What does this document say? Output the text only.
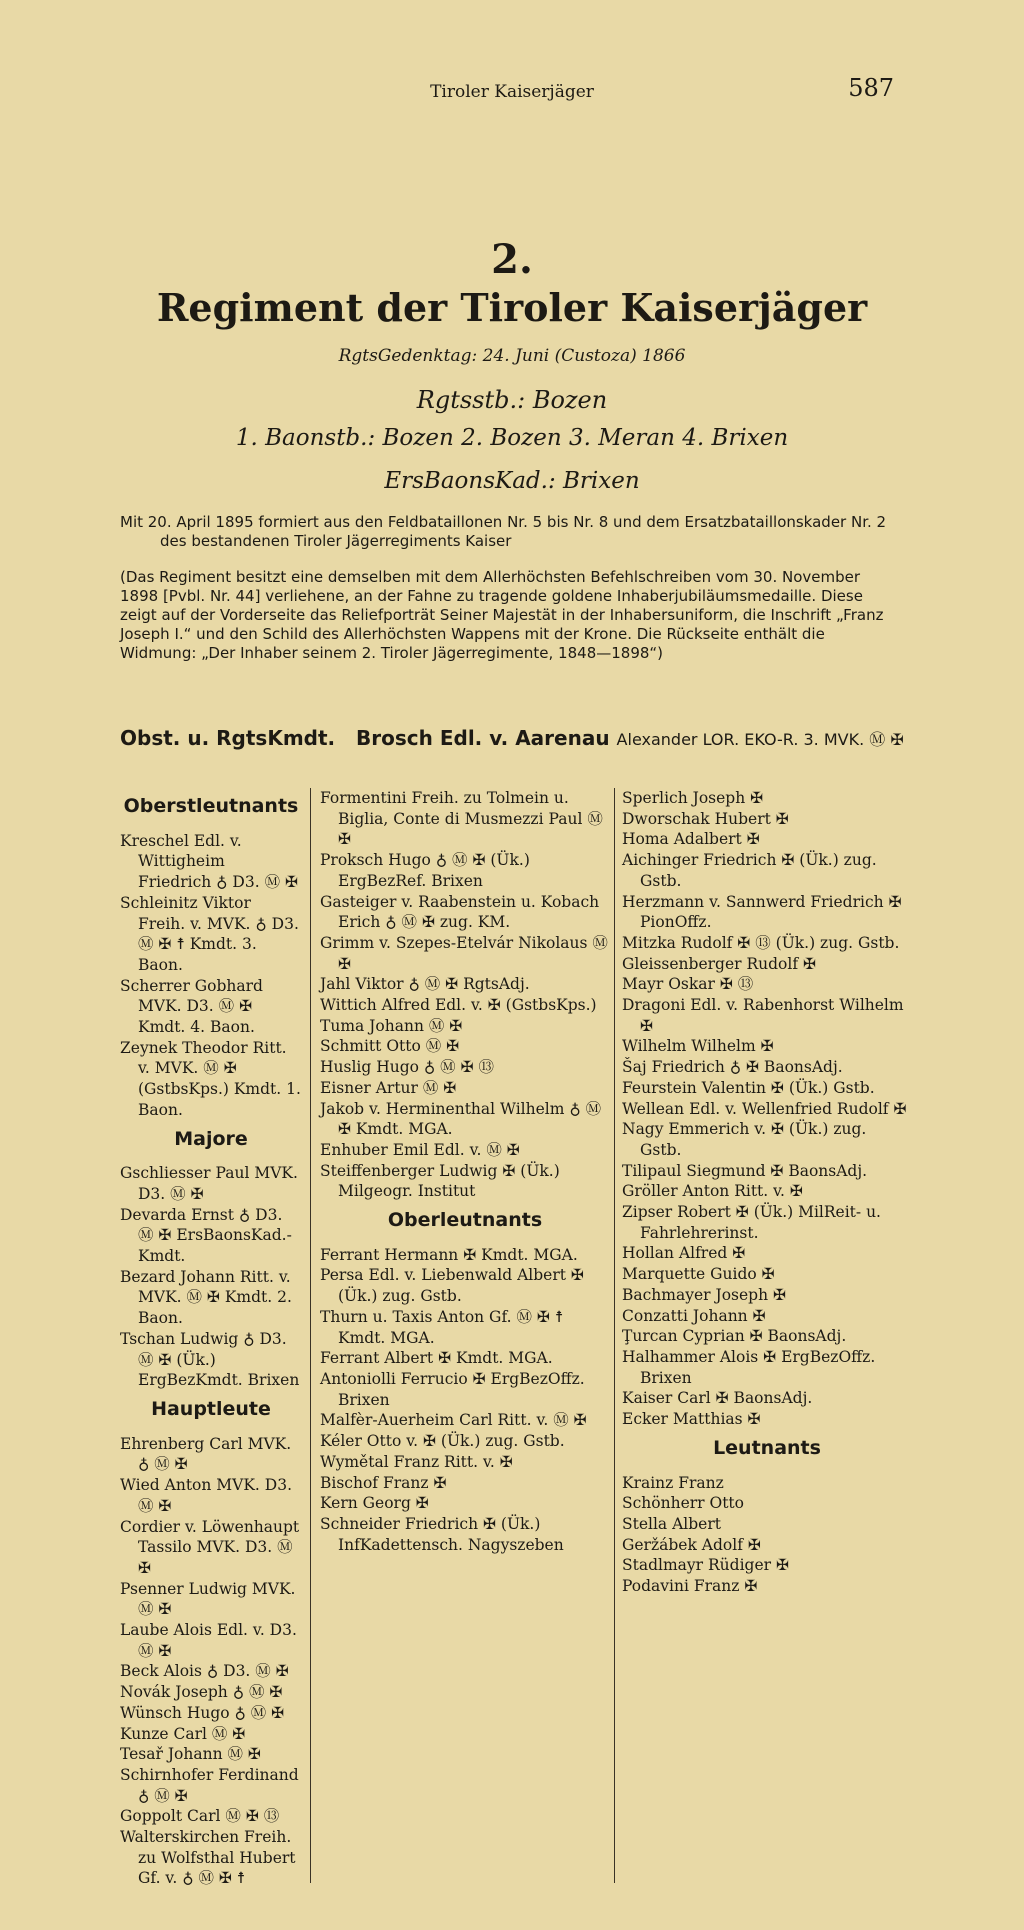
Tiroler Kaiserjäger	587
2.
Regiment der Tiroler Kaiserjäger
RgtsGedenktag: 24. Juni (Custoza) 1866
Rgtsstb.: Bozen
1. Baonstb.: Bozen 2. Bozen 3. Meran 4. Brixen
ErsBaonsKad.: Brixen

Mit 20. April 1895 formiert aus den Feldbataillonen Nr. 5 bis Nr. 8 und dem Ersatzbataillonskader Nr. 2 des bestandenen Tiroler Jägerregiments Kaiser

(Das Regiment besitzt eine demselben mit dem Allerhöchsten Befehlschreiben vom 30. November 1898 [Pvbl. Nr. 44] verliehene, an der Fahne zu tragende goldene Inhaberjubiläumsmedaille. Diese zeigt auf der Vorderseite das Reliefporträt Seiner Majestät in der Inhabersuniform, die Inschrift „Franz Joseph I.“ und den Schild des Allerhöchsten Wappens mit der Krone. Die Rückseite enthält die Widmung: „Der Inhaber seinem 2. Tiroler Jägerregimente, 1848—1898“)

Obst. u. RgtsKmdt. Brosch Edl. v. Aarenau Alexander LOR. EKO-R. 3. MVK. Ⓜ ✠
Oberstleutnants
Kreschel Edl. v. Wittigheim Friedrich ♁ D3. Ⓜ ✠
Schleinitz Viktor Freih. v. MVK. ♁ D3. Ⓜ ✠ ☨ Kmdt. 3. Baon.
Scherrer Gobhard MVK. D3. Ⓜ ✠ Kmdt. 4. Baon.
Zeynek Theodor Ritt. v. MVK. Ⓜ ✠ (GstbsKps.) Kmdt. 1. Baon.
Majore
Gschliesser Paul MVK. D3. Ⓜ ✠
Devarda Ernst ♁ D3. Ⓜ ✠ ErsBaonsKad.-Kmdt.
Bezard Johann Ritt. v. MVK. Ⓜ ✠ Kmdt. 2. Baon.
Tschan Ludwig ♁ D3. Ⓜ ✠ (Ük.) ErgBezKmdt. Brixen
Hauptleute
Ehrenberg Carl MVK. ♁ Ⓜ ✠
Wied Anton MVK. D3. Ⓜ ✠
Cordier v. Löwenhaupt Tassilo MVK. D3. Ⓜ ✠
Psenner Ludwig MVK. Ⓜ ✠
Laube Alois Edl. v. D3. Ⓜ ✠
Beck Alois ♁ D3. Ⓜ ✠
Novák Joseph ♁ Ⓜ ✠
Wünsch Hugo ♁ Ⓜ ✠
Kunze Carl Ⓜ ✠
Tesař Johann Ⓜ ✠
Schirnhofer Ferdinand ♁ Ⓜ ✠
Goppolt Carl Ⓜ ✠ ⑬
Walterskirchen Freih. zu Wolfsthal Hubert Gf. v. ♁ Ⓜ ✠ ☨
Formentini Freih. zu Tolmein u. Biglia, Conte di Musmezzi Paul Ⓜ ✠
Proksch Hugo ♁ Ⓜ ✠ (Ük.) ErgBezRef. Brixen
Gasteiger v. Raabenstein u. Kobach Erich ♁ Ⓜ ✠ zug. KM.
Grimm v. Szepes-Etelvár Nikolaus Ⓜ ✠
Jahl Viktor ♁ Ⓜ ✠ RgtsAdj.
Wittich Alfred Edl. v. ✠ (GstbsKps.)
Tuma Johann Ⓜ ✠
Schmitt Otto Ⓜ ✠
Huslig Hugo ♁ Ⓜ ✠ ⑬
Eisner Artur Ⓜ ✠
Jakob v. Herminenthal Wilhelm ♁ Ⓜ ✠ Kmdt. MGA.
Enhuber Emil Edl. v. Ⓜ ✠
Steiffenberger Ludwig ✠ (Ük.) Milgeogr. Institut
Oberleutnants
Ferrant Hermann ✠ Kmdt. MGA.
Persa Edl. v. Liebenwald Albert ✠ (Ük.) zug. Gstb.
Thurn u. Taxis Anton Gf. Ⓜ ✠ ☨ Kmdt. MGA.
Ferrant Albert ✠ Kmdt. MGA.
Antoniolli Ferrucio ✠ ErgBezOffz. Brixen
Malfèr-Auerheim Carl Ritt. v. Ⓜ ✠
Kéler Otto v. ✠ (Ük.) zug. Gstb.
Wymětal Franz Ritt. v. ✠
Bischof Franz ✠
Kern Georg ✠
Schneider Friedrich ✠ (Ük.) InfKadettensch. Nagyszeben
Sperlich Joseph ✠
Dworschak Hubert ✠
Homa Adalbert ✠
Aichinger Friedrich ✠ (Ük.) zug. Gstb.
Herzmann v. Sannwerd Friedrich ✠ PionOffz.
Mitzka Rudolf ✠ ⑬ (Ük.) zug. Gstb.
Gleissenberger Rudolf ✠
Mayr Oskar ✠ ⑬
Dragoni Edl. v. Rabenhorst Wilhelm ✠
Wilhelm Wilhelm ✠
Šaj Friedrich ♁ ✠ BaonsAdj.
Feurstein Valentin ✠ (Ük.) Gstb.
Wellean Edl. v. Wellenfried Rudolf ✠
Nagy Emmerich v. ✠ (Ük.) zug. Gstb.
Tilipaul Siegmund ✠ BaonsAdj.
Gröller Anton Ritt. v. ✠
Zipser Robert ✠ (Ük.) MilReit- u. Fahrlehrerinst.
Hollan Alfred ✠
Marquette Guido ✠
Bachmayer Joseph ✠
Conzatti Johann ✠
Ţurcan Cyprian ✠ BaonsAdj.
Halhammer Alois ✠ ErgBezOffz. Brixen
Kaiser Carl ✠ BaonsAdj.
Ecker Matthias ✠
Leutnants
Krainz Franz
Schönherr Otto
Stella Albert
Geržábek Adolf ✠
Stadlmayr Rüdiger ✠
Podavini Franz ✠
